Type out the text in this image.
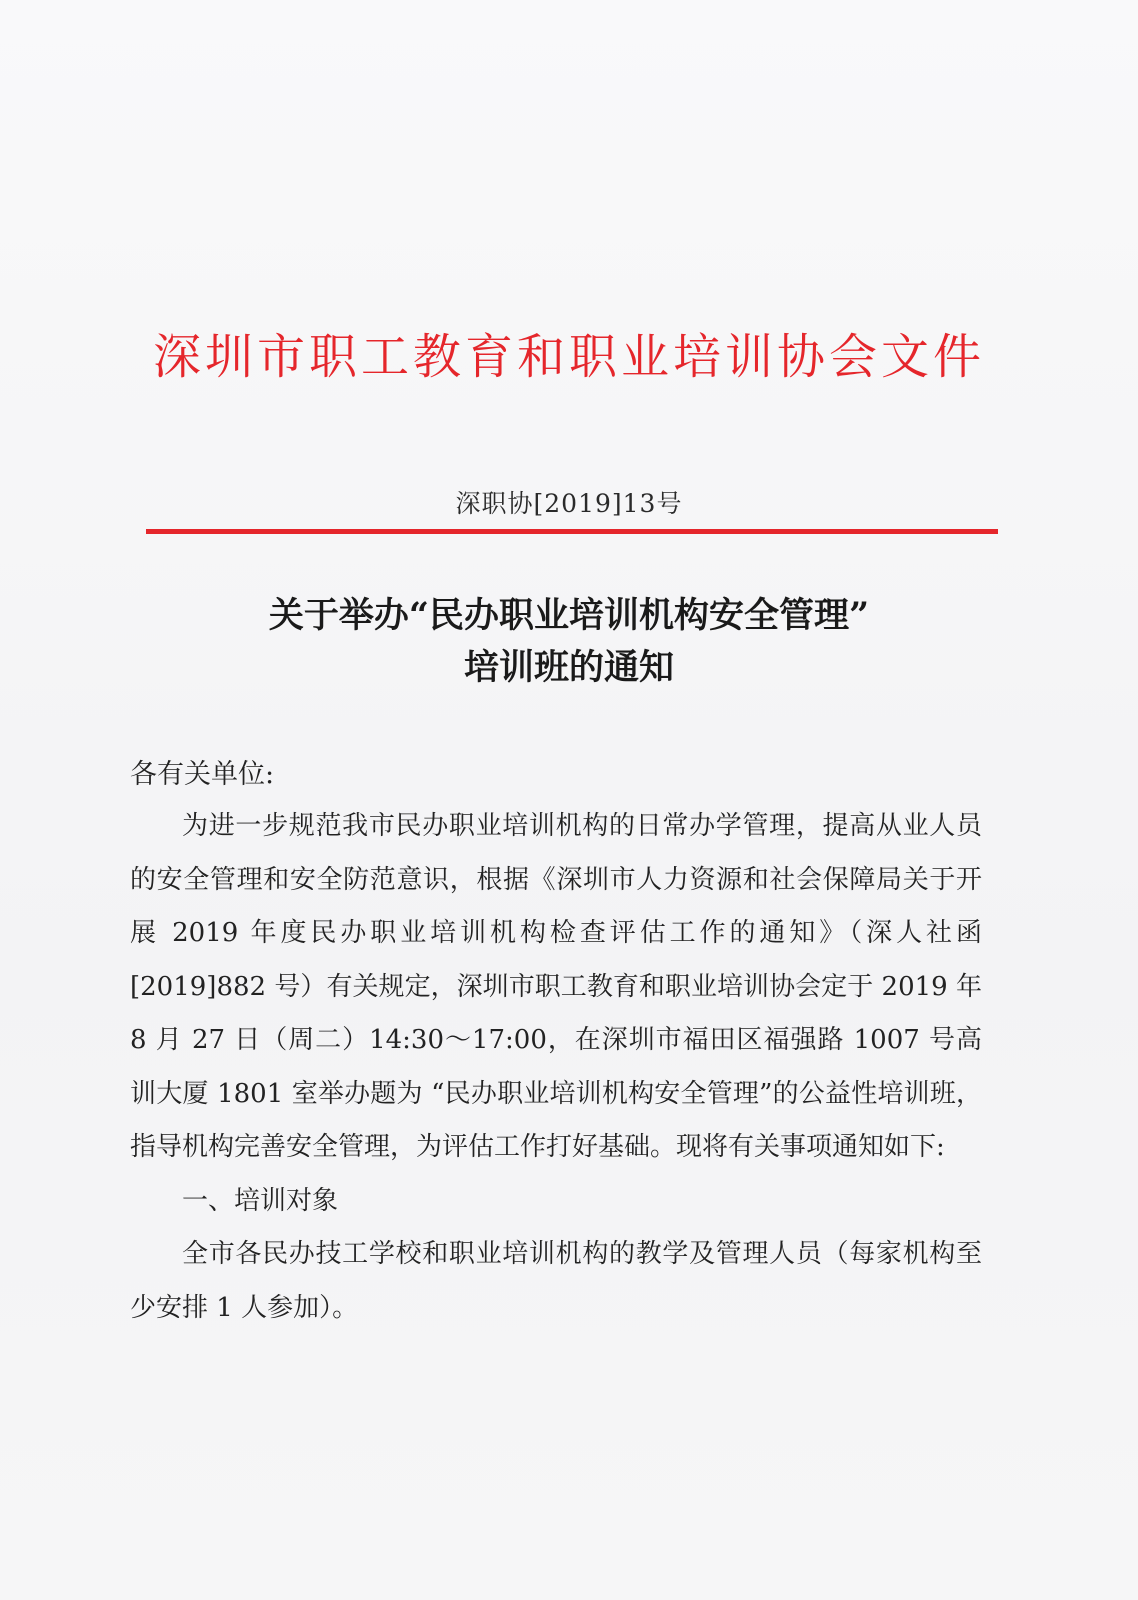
深圳市职工教育和职业培训协会文件
深职协[2019]13号
关于举办“民办职业培训机构安全管理”
培训班的通知
各有关单位:

为进一步规范我市民办职业培训机构的日常办学管理，提高从业人员的安全管理和安全防范意识，根据《深圳市人力资源和社会保障局关于开展 2019 年度民办职业培训机构检查评估工作的通知》（深人社函[2019]882 号）有关规定，深圳市职工教育和职业培训协会定于 2019 年 8 月 27 日（周二）14:30～17:00，在深圳市福田区福强路 1007 号高训大厦 1801 室举办题为 “民办职业培训机构安全管理”的公益性培训班，指导机构完善安全管理，为评估工作打好基础。现将有关事项通知如下:

一、培训对象

全市各民办技工学校和职业培训机构的教学及管理人员（每家机构至少安排 1 人参加）。
